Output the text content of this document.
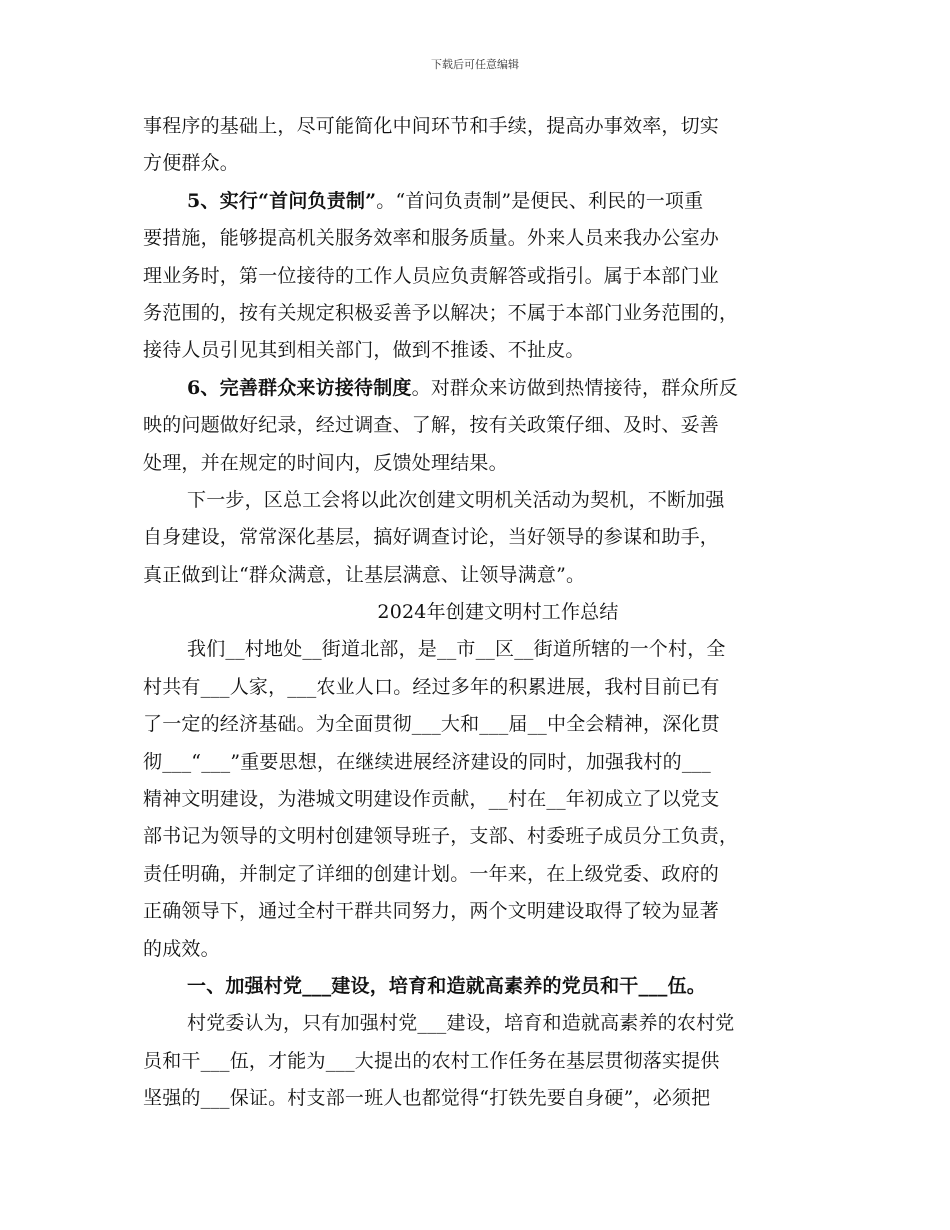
下载后可任意编辑
事程序的基础上，尽可能简化中间环节和手续，提高办事效率，切实
方便群众。
5、实行“首问负责制”。“首问负责制”是便民、利民的一项重
要措施，能够提高机关服务效率和服务质量。外来人员来我办公室办
理业务时，第一位接待的工作人员应负责解答或指引。属于本部门业
务范围的，按有关规定积极妥善予以解决；不属于本部门业务范围的，
接待人员引见其到相关部门，做到不推诿、不扯皮。
6、完善群众来访接待制度。对群众来访做到热情接待，群众所反
映的问题做好纪录，经过调查、了解，按有关政策仔细、及时、妥善
处理，并在规定的时间内，反馈处理结果。
下一步，区总工会将以此次创建文明机关活动为契机，不断加强
自身建设，常常深化基层，搞好调查讨论，当好领导的参谋和助手，
真正做到让“群众满意，让基层满意、让领导满意”。
2024年创建文明村工作总结
我们__村地处__街道北部，是__市__区__街道所辖的一个村，全
村共有___人家，___农业人口。经过多年的积累进展，我村目前已有
了一定的经济基础。为全面贯彻___大和___届__中全会精神，深化贯
彻___“___”重要思想，在继续进展经济建设的同时，加强我村的___
精神文明建设，为港城文明建设作贡献，__村在__年初成立了以党支
部书记为领导的文明村创建领导班子，支部、村委班子成员分工负责，
责任明确，并制定了详细的创建计划。一年来，在上级党委、政府的
正确领导下，通过全村干群共同努力，两个文明建设取得了较为显著
的成效。
一、加强村党___建设，培育和造就高素养的党员和干___伍。
村党委认为，只有加强村党___建设，培育和造就高素养的农村党
员和干___伍，才能为___大提出的农村工作任务在基层贯彻落实提供
坚强的___保证。村支部一班人也都觉得“打铁先要自身硬”，必须把
